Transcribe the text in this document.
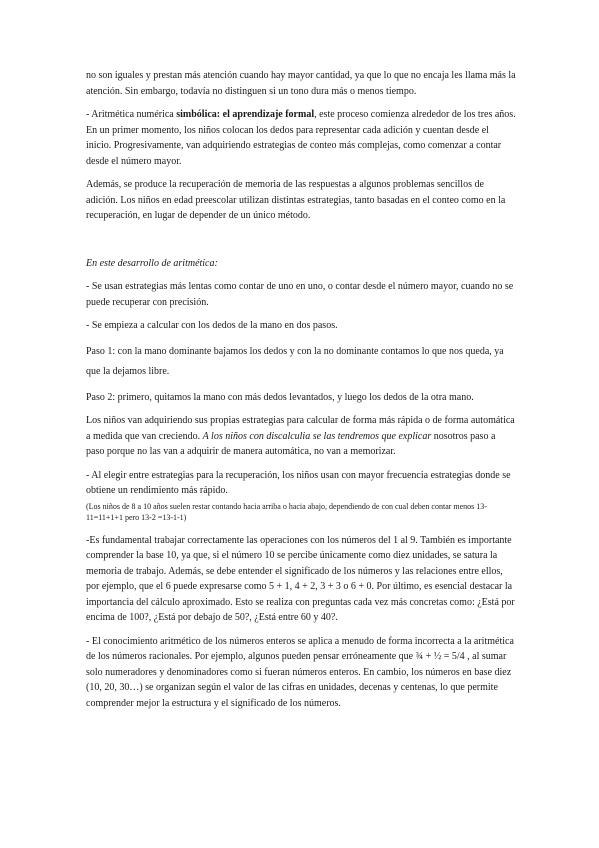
no son iguales y prestan más atención cuando hay mayor cantidad, ya que lo que no encaja les llama más la atención. Sin embargo, todavía no distinguen si un tono dura más o menos tiempo.

- Aritmética numérica simbólica: el aprendizaje formal, este proceso comienza alrededor de los tres años. En un primer momento, los niños colocan los dedos para representar cada adición y cuentan desde el inicio. Progresivamente, van adquiriendo estrategias de conteo más complejas, como comenzar a contar desde el número mayor.

Además, se produce la recuperación de memoria de las respuestas a algunos problemas sencillos de adición. Los niños en edad preescolar utilizan distintas estrategias, tanto basadas en el conteo como en la recuperación, en lugar de depender de un único método.

En este desarrollo de aritmética:

- Se usan estrategias más lentas como contar de uno en uno, o contar desde el número mayor, cuando no se puede recuperar con precisión.

- Se empieza a calcular con los dedos de la mano en dos pasos.

Paso 1: con la mano dominante bajamos los dedos y con la no dominante contamos lo que nos queda, ya que la dejamos libre.

Paso 2: primero, quitamos la mano con más dedos levantados, y luego los dedos de la otra mano.

Los niños van adquiriendo sus propias estrategias para calcular de forma más rápida o de forma automática a medida que van creciendo. A los niños con discalculia se las tendremos que explicar nosotros paso a paso porque no las van a adquirir de manera automática, no van a memorizar.

- Al elegir entre estrategias para la recuperación, los niños usan con mayor frecuencia estrategias donde se obtiene un rendimiento más rápido.

(Los niños de 8 a 10 años suelen restar contando hacia arriba o hacia abajo, dependiendo de con cual deben contar menos 13-11=11+1+1 pero 13-2 =13-1-1)

-Es fundamental trabajar correctamente las operaciones con los números del 1 al 9. También es importante comprender la base 10, ya que, si el número 10 se percibe únicamente como diez unidades, se satura la memoria de trabajo. Además, se debe entender el significado de los números y las relaciones entre ellos, por ejemplo, que el 6 puede expresarse como 5 + 1, 4 + 2, 3 + 3 o 6 + 0. Por último, es esencial destacar la importancia del cálculo aproximado. Esto se realiza con preguntas cada vez más concretas como: ¿Está por encima de 100?, ¿Está por debajo de 50?, ¿Está entre 60 y 40?.

- El conocimiento aritmético de los números enteros se aplica a menudo de forma incorrecta a la aritmética de los números racionales. Por ejemplo, algunos pueden pensar erróneamente que ¾ + ½ = 5/4 , al sumar solo numeradores y denominadores como si fueran números enteros. En cambio, los números en base diez (10, 20, 30…) se organizan según el valor de las cifras en unidades, decenas y centenas, lo que permite comprender mejor la estructura y el significado de los números.
